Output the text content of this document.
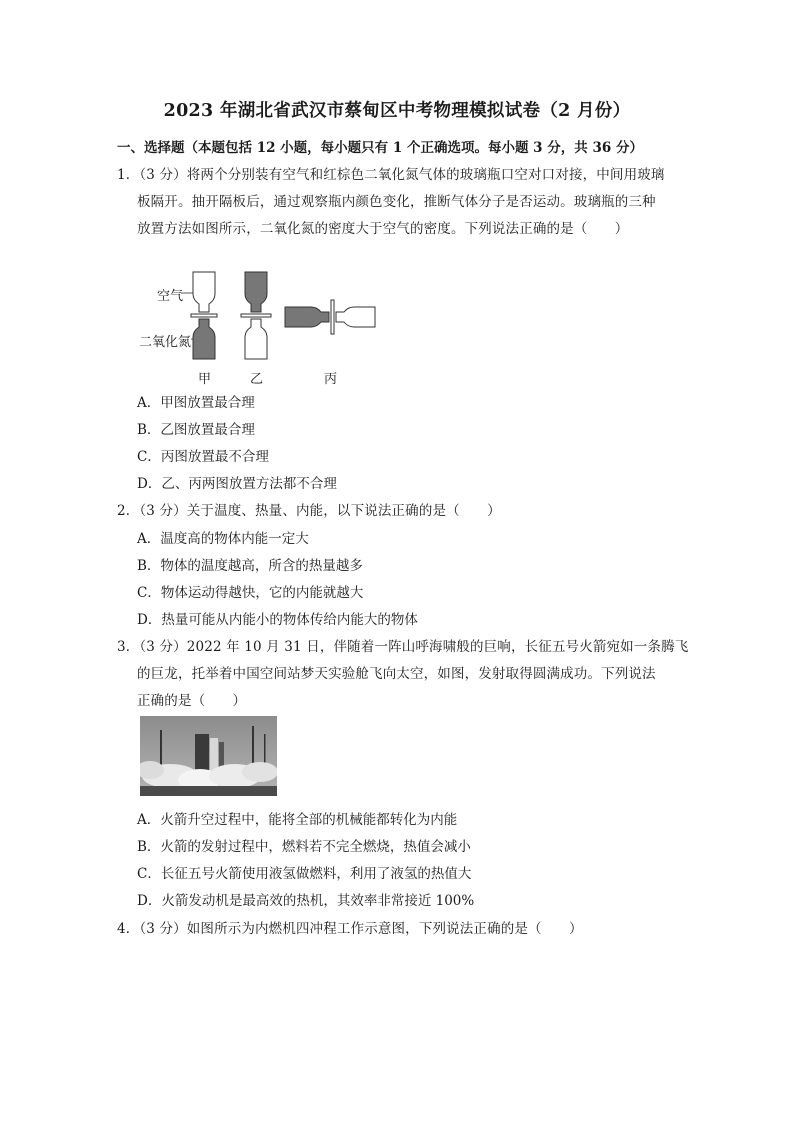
2023 年湖北省武汉市蔡甸区中考物理模拟试卷（2 月份）
一、选择题（本题包括 12 小题，每小题只有 1 个正确选项。每小题 3 分，共 36 分）
1．（3 分）将两个分别装有空气和红棕色二氧化氮气体的玻璃瓶口空对口对接，中间用玻璃
板隔开。抽开隔板后，通过观察瓶内颜色变化，推断气体分子是否运动。玻璃瓶的三种
放置方法如图所示，二氧化氮的密度大于空气的密度。下列说法正确的是（　　）
空气
二氧化氮
甲	乙	丙
A．甲图放置最合理
B．乙图放置最合理
C．丙图放置最不合理
D．乙、丙两图放置方法都不合理
2．（3 分）关于温度、热量、内能，以下说法正确的是（　　）
A．温度高的物体内能一定大
B．物体的温度越高，所含的热量越多
C．物体运动得越快，它的内能就越大
D．热量可能从内能小的物体传给内能大的物体
3．（3 分）2022 年 10 月 31 日，伴随着一阵山呼海啸般的巨响，长征五号火箭宛如一条腾飞
的巨龙，托举着中国空间站梦天实验舱飞向太空，如图，发射取得圆满成功。下列说法
正确的是（　　）
A．火箭升空过程中，能将全部的机械能都转化为内能
B．火箭的发射过程中，燃料若不完全燃烧，热值会减小
C．长征五号火箭使用液氢做燃料，利用了液氢的热值大
D．火箭发动机是最高效的热机，其效率非常接近 100%
4．（3 分）如图所示为内燃机四冲程工作示意图，下列说法正确的是（　　）
